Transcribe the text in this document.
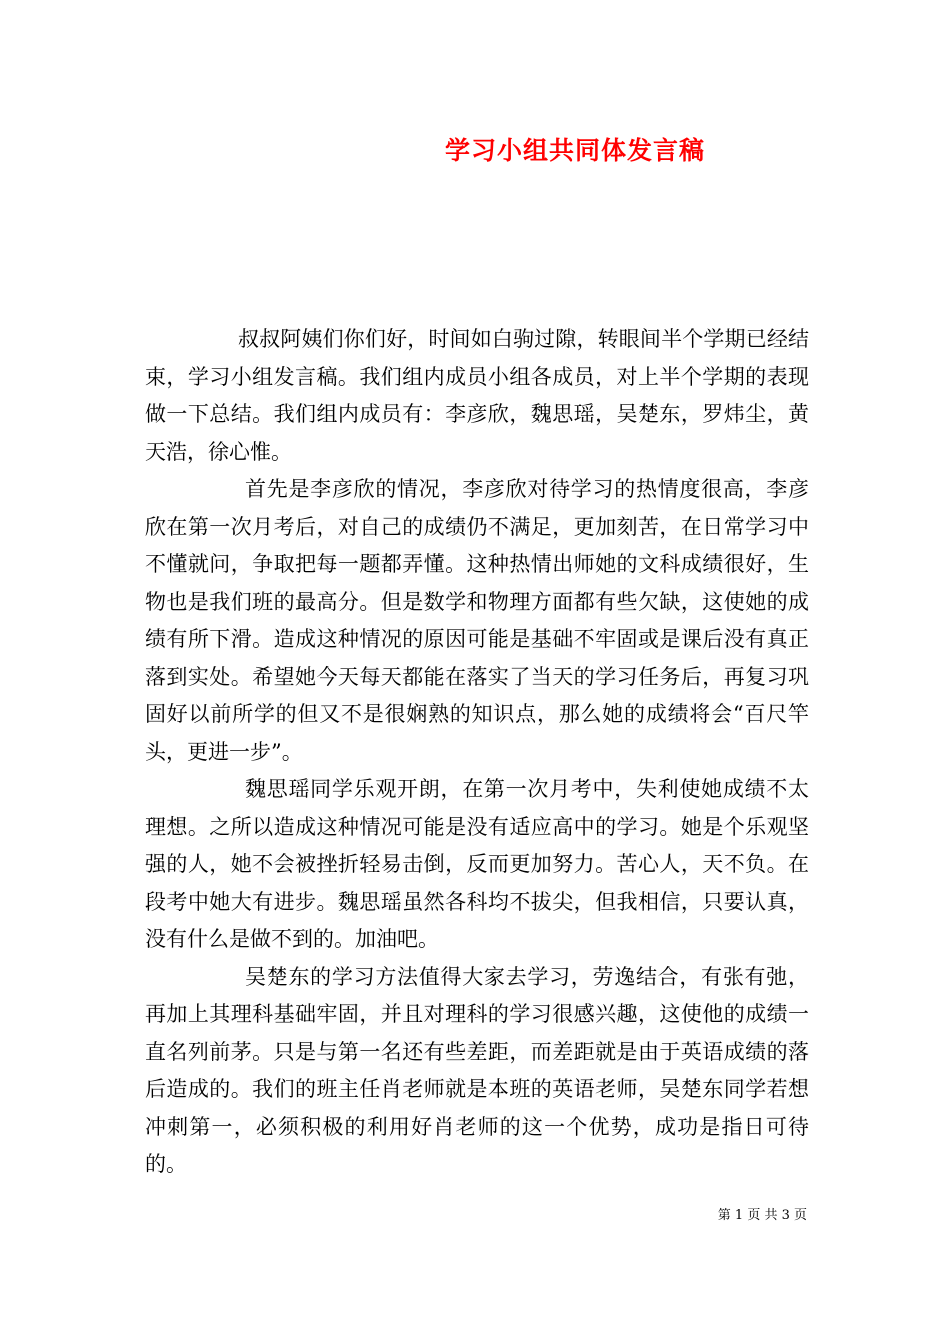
学习小组共同体发言稿

叔叔阿姨们你们好，时间如白驹过隙，转眼间半个学期已经结束，学习小组发言稿。我们组内成员小组各成员，对上半个学期的表现做一下总结。我们组内成员有：李彦欣，魏思瑶，吴楚东，罗炜尘，黄天浩，徐心惟。

首先是李彦欣的情况，李彦欣对待学习的热情度很高，李彦欣在第一次月考后，对自己的成绩仍不满足，更加刻苦，在日常学习中不懂就问，争取把每一题都弄懂。这种热情出师她的文科成绩很好，生物也是我们班的最高分。但是数学和物理方面都有些欠缺，这使她的成绩有所下滑。造成这种情况的原因可能是基础不牢固或是课后没有真正落到实处。希望她今天每天都能在落实了当天的学习任务后，再复习巩固好以前所学的但又不是很娴熟的知识点，那么她的成绩将会“百尺竿头，更进一步”。

魏思瑶同学乐观开朗，在第一次月考中，失利使她成绩不太理想。之所以造成这种情况可能是没有适应高中的学习。她是个乐观坚强的人，她不会被挫折轻易击倒，反而更加努力。苦心人，天不负。在段考中她大有进步。魏思瑶虽然各科均不拔尖，但我相信，只要认真，没有什么是做不到的。加油吧。

吴楚东的学习方法值得大家去学习，劳逸结合，有张有弛，再加上其理科基础牢固，并且对理科的学习很感兴趣，这使他的成绩一直名列前茅。只是与第一名还有些差距，而差距就是由于英语成绩的落后造成的。我们的班主任肖老师就是本班的英语老师，吴楚东同学若想冲刺第一，必须积极的利用好肖老师的这一个优势，成功是指日可待的。

第 1 页 共 3 页
